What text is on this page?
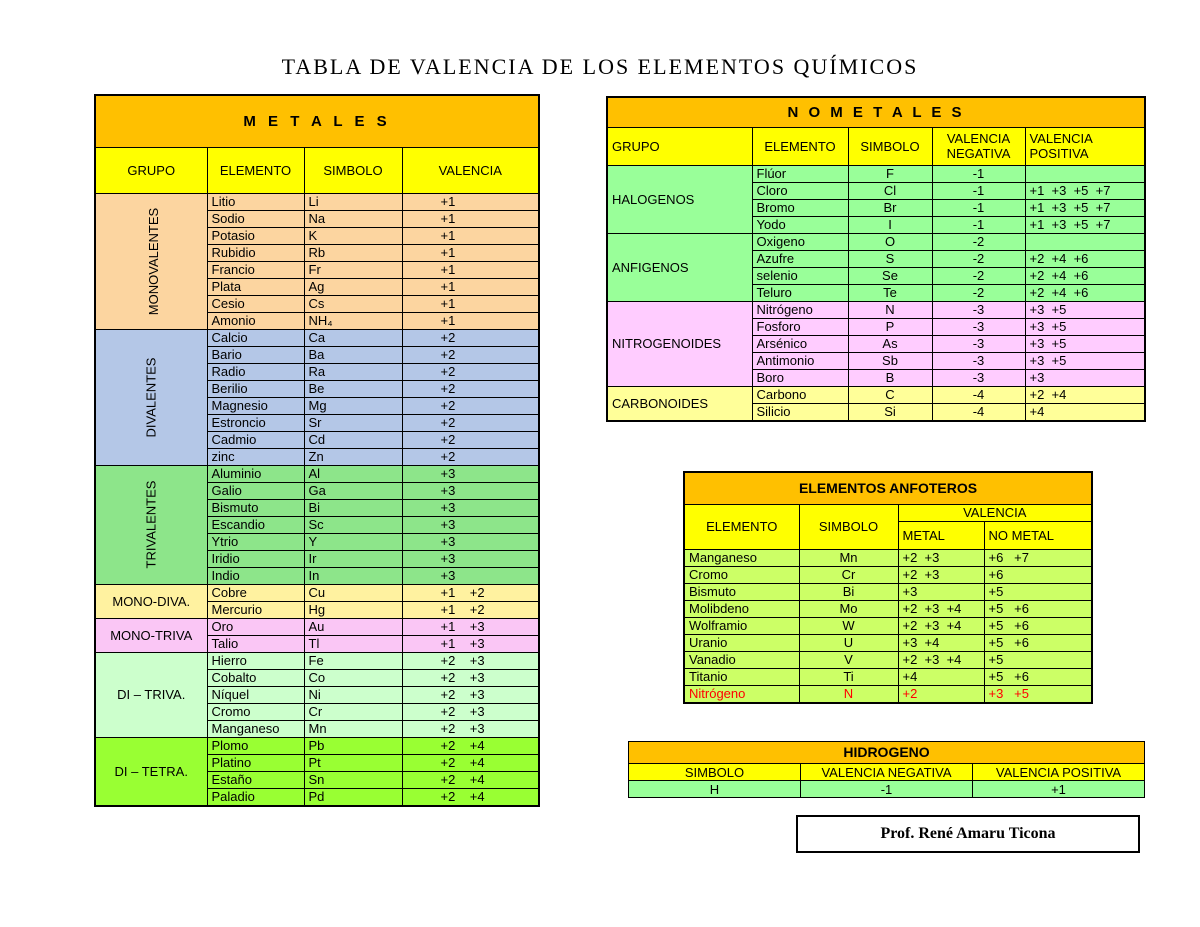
TABLA DE VALENCIA DE LOS ELEMENTOS QUÍMICOS
M E T A L E S			
GRUPO	ELEMENTO	SIMBOLO	VALENCIA
MONOVALENTES	Litio	Li	+1
	Sodio	Na	+1
	Potasio	K	+1
	Rubidio	Rb	+1
	Francio	Fr	+1
	Plata	Ag	+1
	Cesio	Cs	+1
	Amonio	NH₄	+1
DIVALENTES	Calcio	Ca	+2
	Bario	Ba	+2
	Radio	Ra	+2
	Berilio	Be	+2
	Magnesio	Mg	+2
	Estroncio	Sr	+2
	Cadmio	Cd	+2
	zinc	Zn	+2
TRIVALENTES	Aluminio	Al	+3
	Galio	Ga	+3
	Bismuto	Bi	+3
	Escandio	Sc	+3
	Ytrio	Y	+3
	Iridio	Ir	+3
	Indio	In	+3
MONO-DIVA.	Cobre	Cu	+1    +2
	Mercurio	Hg	+1    +2
MONO-TRIVA	Oro	Au	+1    +3
	Talio	Tl	+1    +3
DI – TRIVA.	Hierro	Fe	+2    +3
	Cobalto	Co	+2    +3
	Níquel	Ni	+2    +3
	Cromo	Cr	+2    +3
	Manganeso	Mn	+2    +3
DI – TETRA.	Plomo	Pb	+2    +4
	Platino	Pt	+2    +4
	Estaño	Sn	+2    +4
	Paladio	Pd	+2    +4
N O M E T A L E S				
GRUPO	ELEMENTO	SIMBOLO	VALENCIA NEGATIVA	VALENCIA POSITIVA
HALOGENOS	Flúor	F	-1	
	Cloro	Cl	-1	+1  +3  +5  +7
	Bromo	Br	-1	+1  +3  +5  +7
	Yodo	I	-1	+1  +3  +5  +7
ANFIGENOS	Oxigeno	O	-2	
	Azufre	S	-2	+2  +4  +6
	selenio	Se	-2	+2  +4  +6
	Teluro	Te	-2	+2  +4  +6
NITROGENOIDES	Nitrógeno	N	-3	+3  +5
	Fosforo	P	-3	+3  +5
	Arsénico	As	-3	+3  +5
	Antimonio	Sb	-3	+3  +5
	Boro	B	-3	+3
CARBONOIDES	Carbono	C	-4	+2  +4
	Silicio	Si	-4	+4
ELEMENTOS ANFOTEROS			
ELEMENTO	SIMBOLO	VALENCIA	
		METAL	NO METAL
Manganeso	Mn	+2  +3	+6   +7
Cromo	Cr	+2  +3	+6
Bismuto	Bi	+3	+5
Molibdeno	Mo	+2  +3  +4	+5   +6
Wolframio	W	+2  +3  +4	+5   +6
Uranio	U	+3  +4	+5   +6
Vanadio	V	+2  +3  +4	+5
Titanio	Ti	+4	+5   +6
Nitrógeno	N	+2	+3   +5
HIDROGENO		
SIMBOLO	VALENCIA NEGATIVA	VALENCIA POSITIVA
H	-1	+1
Prof. René Amaru Ticona
